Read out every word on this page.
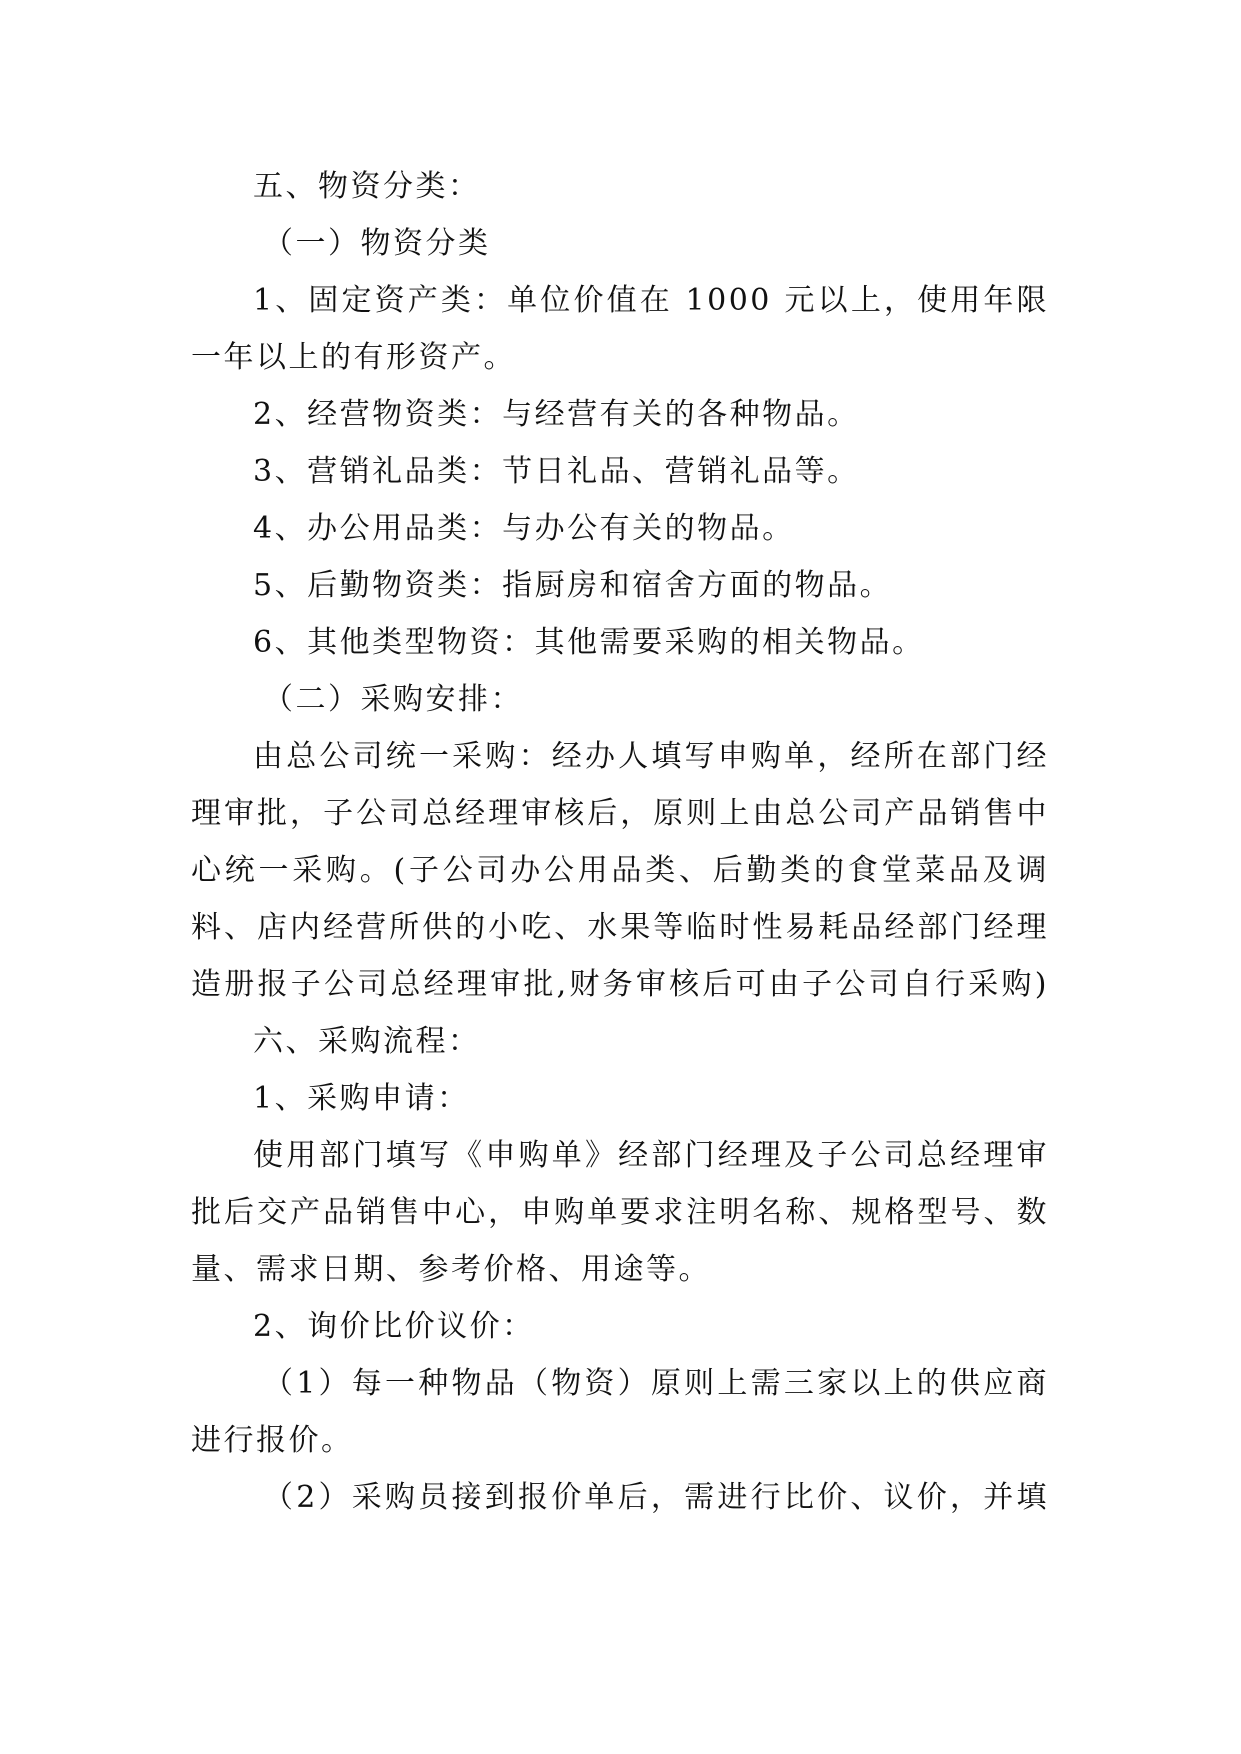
五、物资分类：
（一）物资分类
1、固定资产类：单位价值在 1000 元以上，使用年限
一年以上的有形资产。
2、经营物资类：与经营有关的各种物品。
3、营销礼品类：节日礼品、营销礼品等。
4、办公用品类：与办公有关的物品。
5、后勤物资类：指厨房和宿舍方面的物品。
6、其他类型物资：其他需要采购的相关物品。
（二）采购安排：
由总公司统一采购：经办人填写申购单，经所在部门经
理审批，子公司总经理审核后，原则上由总公司产品销售中
心统一采购。(子公司办公用品类、后勤类的食堂菜品及调
料、店内经营所供的小吃、水果等临时性易耗品经部门经理
造册报子公司总经理审批,财务审核后可由子公司自行采购)
六、采购流程：
1、采购申请：
使用部门填写《申购单》经部门经理及子公司总经理审
批后交产品销售中心，申购单要求注明名称、规格型号、数
量、需求日期、参考价格、用途等。
2、询价比价议价：
（1）每一种物品（物资）原则上需三家以上的供应商
进行报价。
（2）采购员接到报价单后，需进行比价、议价，并填
